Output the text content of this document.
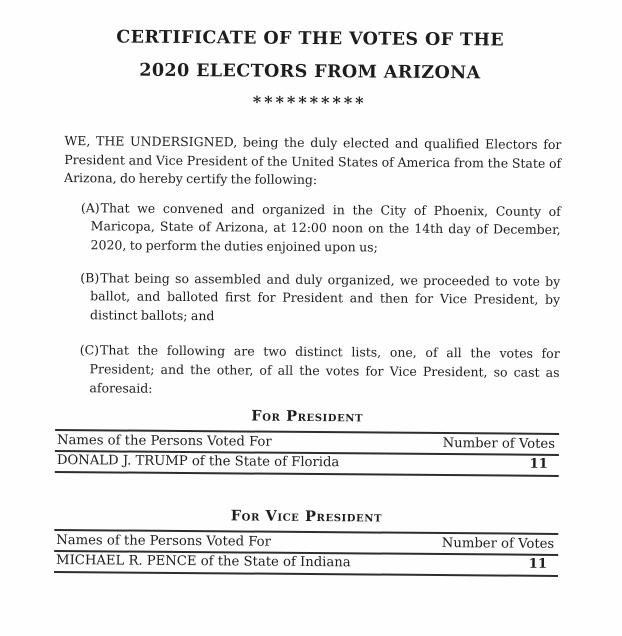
CERTIFICATE OF THE VOTES OF THE
2020 ELECTORS FROM ARIZONA
**********

WE, THE UNDERSIGNED, being the duly elected and qualified Electors for President and Vice President of the United States of America from the State of Arizona, do hereby certify the following:

(A)That we convened and organized in the City of Phoenix, County of Maricopa, State of Arizona, at 12:00 noon on the 14th day of December, 2020, to perform the duties enjoined upon us;

(B)That being so assembled and duly organized, we proceeded to vote by ballot, and balloted first for President and then for Vice President, by distinct ballots; and

(C)That the following are two distinct lists, one, of all the votes for President; and the other, of all the votes for Vice President, so cast as aforesaid:

For President
Names of the Persons Voted For	Number of Votes
DONALD J. TRUMP of the State of Florida	11
For Vice President
Names of the Persons Voted For	Number of Votes
MICHAEL R. PENCE of the State of Indiana	11
